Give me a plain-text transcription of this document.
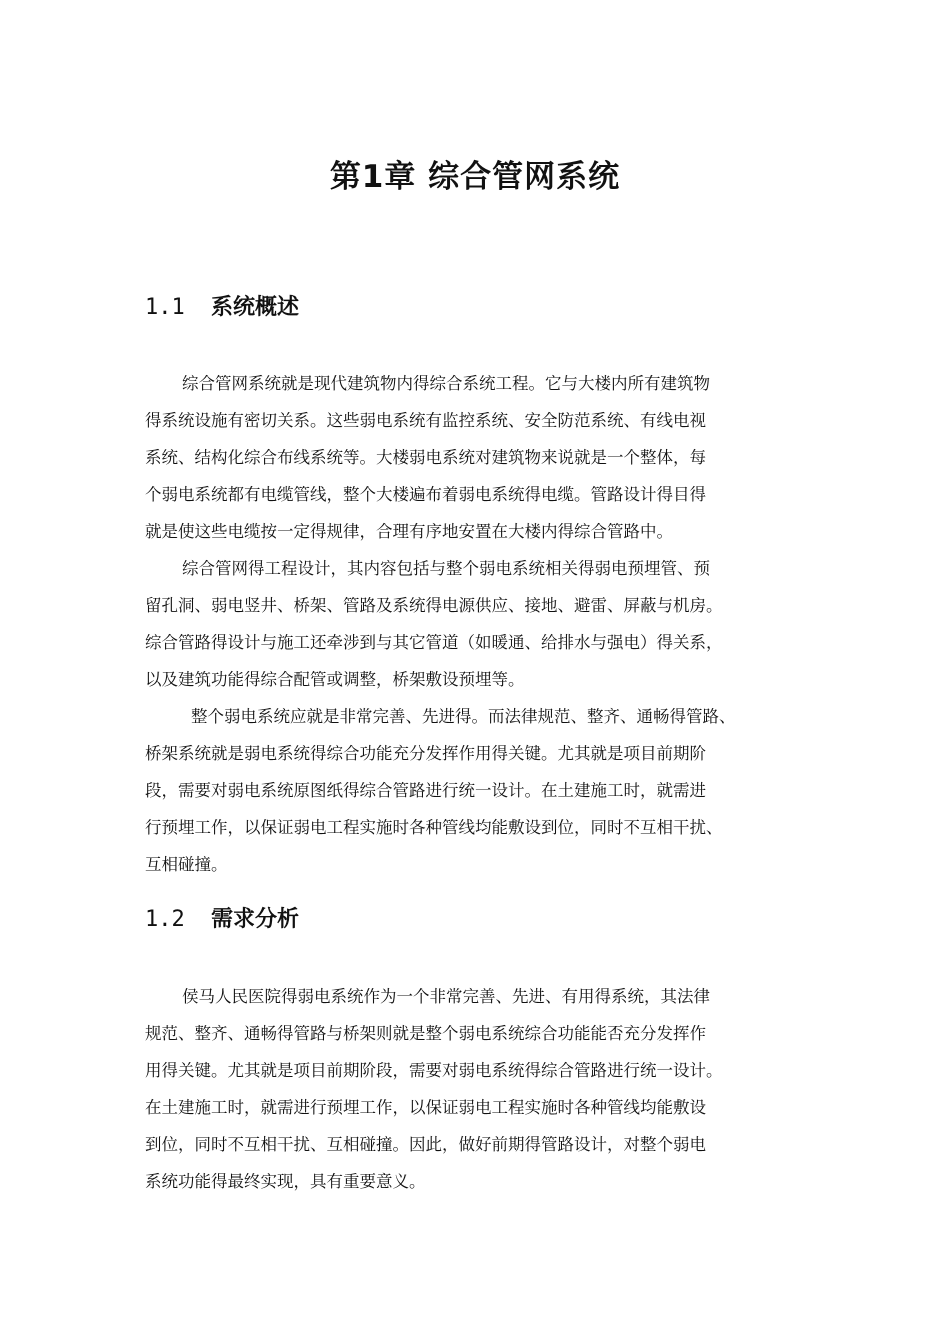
第1章 综合管网系统
1.1 系统概述
综合管网系统就是现代建筑物内得综合系统工程。它与大楼内所有建筑物
得系统设施有密切关系。这些弱电系统有监控系统、安全防范系统、有线电视
系统、结构化综合布线系统等。大楼弱电系统对建筑物来说就是一个整体，每
个弱电系统都有电缆管线，整个大楼遍布着弱电系统得电缆。管路设计得目得
就是使这些电缆按一定得规律，合理有序地安置在大楼内得综合管路中。
综合管网得工程设计，其内容包括与整个弱电系统相关得弱电预埋管、预
留孔洞、弱电竖井、桥架、管路及系统得电源供应、接地、避雷、屏蔽与机房。
综合管路得设计与施工还牵涉到与其它管道（如暖通、给排水与强电）得关系，
以及建筑功能得综合配管或调整，桥架敷设预埋等。
整个弱电系统应就是非常完善、先进得。而法律规范、整齐、通畅得管路、
桥架系统就是弱电系统得综合功能充分发挥作用得关键。尤其就是项目前期阶
段，需要对弱电系统原图纸得综合管路进行统一设计。在土建施工时，就需进
行预埋工作，以保证弱电工程实施时各种管线均能敷设到位，同时不互相干扰、
互相碰撞。
1.2 需求分析
侯马人民医院得弱电系统作为一个非常完善、先进、有用得系统，其法律
规范、整齐、通畅得管路与桥架则就是整个弱电系统综合功能能否充分发挥作
用得关键。尤其就是项目前期阶段，需要对弱电系统得综合管路进行统一设计。
在土建施工时，就需进行预埋工作，以保证弱电工程实施时各种管线均能敷设
到位，同时不互相干扰、互相碰撞。因此，做好前期得管路设计，对整个弱电
系统功能得最终实现，具有重要意义。
